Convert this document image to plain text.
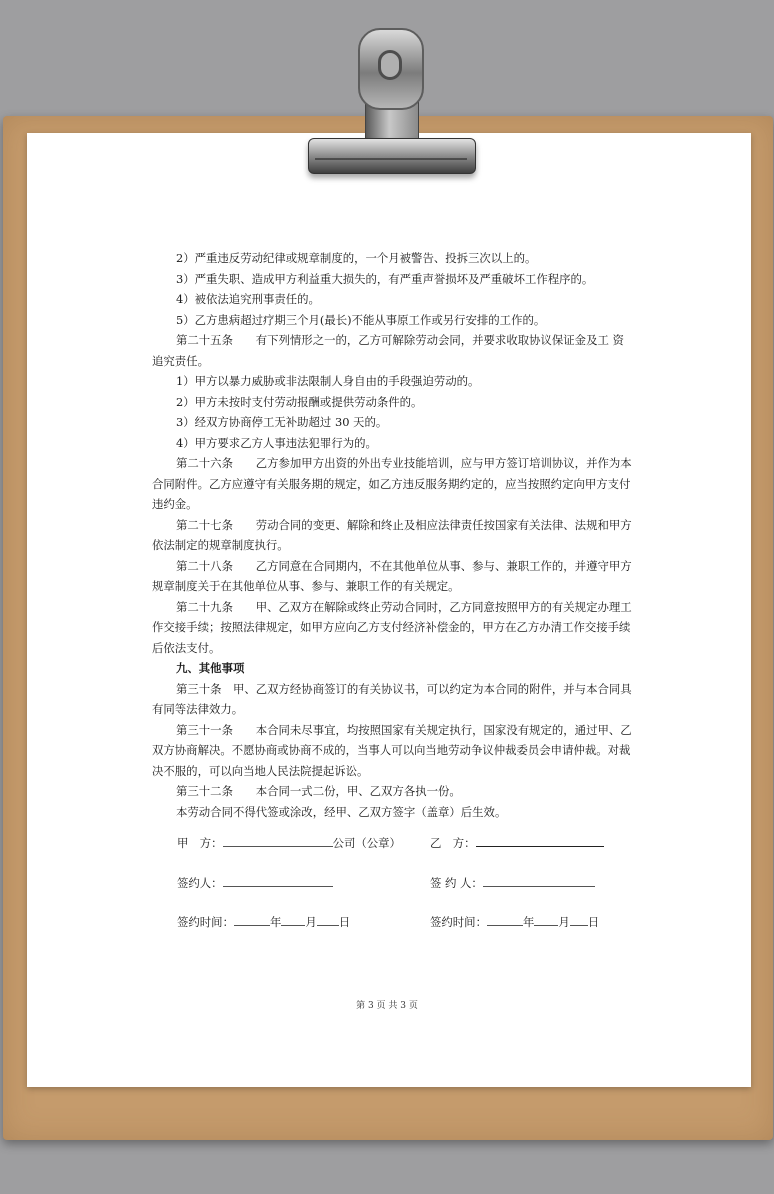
2）严重违反劳动纪律或规章制度的，一个月被警告、投拆三次以上的。

3）严重失职、造成甲方利益重大损失的，有严重声誉损坏及严重破坏工作程序的。

4）被依法追究刑事责任的。

5）乙方患病超过疗期三个月(最长)不能从事原工作或另行安排的工作的。

第二十五条　　有下列情形之一的，乙方可解除劳动会同，并要求收取协议保证金及工 资追究责任。

1）甲方以暴力威胁或非法限制人身自由的手段强迫劳动的。

2）甲方未按时支付劳动报酬或提供劳动条件的。

3）经双方协商停工无补助超过 30 天的。

4）甲方要求乙方人事违法犯罪行为的。

第二十六条　　乙方参加甲方出资的外出专业技能培训，应与甲方签订培训协议，并作为本合同附件。乙方应遵守有关服务期的规定，如乙方违反服务期约定的，应当按照约定向甲方支付违约金。

第二十七条　　劳动合同的变更、解除和终止及相应法律责任按国家有关法律、法规和甲方依法制定的规章制度执行。

第二十八条　　乙方同意在合同期内，不在其他单位从事、参与、兼职工作的，并遵守甲方规章制度关于在其他单位从事、参与、兼职工作的有关规定。

第二十九条　　甲、乙双方在解除或终止劳动合同时，乙方同意按照甲方的有关规定办理工作交接手续；按照法律规定，如甲方应向乙方支付经济补偿金的，甲方在乙方办清工作交接手续后依法支付。

九、其他事项

第三十条　甲、乙双方经协商签订的有关协议书，可以约定为本合同的附件，并与本合同具有同等法律效力。

第三十一条　　本合同未尽事宜，均按照国家有关规定执行，国家没有规定的，通过甲、乙双方协商解决。不愿协商或协商不成的，当事人可以向当地劳动争议仲裁委员会申请仲裁。对裁决不服的，可以向当地人民法院提起诉讼。

第三十二条　　本合同一式二份，甲、乙双方各执一份。

本劳动合同不得代签或涂改，经甲、乙双方签字（盖章）后生效。

甲　方：	公司（公章）	乙　方：
签约人：	签 约 人：
签约时间：	年 月 日	签约时间：	年 月 日
第 3 页 共 3 页
